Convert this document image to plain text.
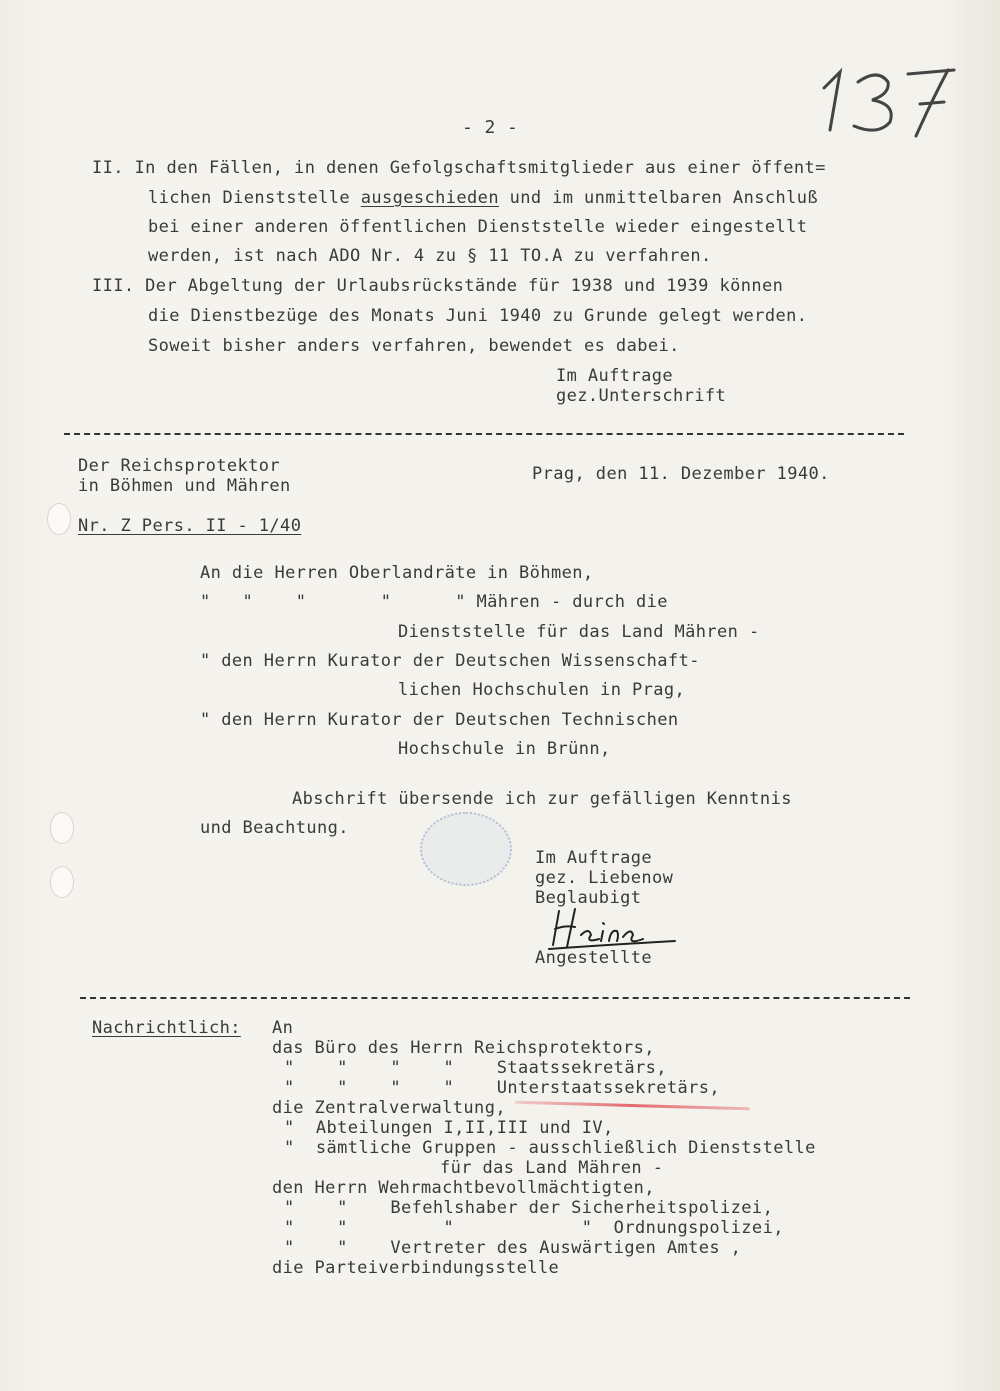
- 2 -
II. In den Fällen, in denen Gefolgschaftsmitglieder aus einer öffent=
lichen Dienststelle ausgeschieden und im unmittelbaren Anschluß
bei einer anderen öffentlichen Dienststelle wieder eingestellt
werden, ist nach ADO Nr. 4 zu § 11 TO.A zu verfahren.
III. Der Abgeltung der Urlaubsrückstände für 1938 und 1939 können
die Dienstbezüge des Monats Juni 1940 zu Grunde gelegt werden.
Soweit bisher anders verfahren, bewendet es dabei.
Im Auftrage
gez.Unterschrift
Der Reichsprotektor
in Böhmen und Mähren
Prag, den 11. Dezember 1940.
Nr. Z Pers. II - 1/40
An die Herren Oberlandräte in Böhmen,
"   "    "       "      " Mähren - durch die
Dienststelle für das Land Mähren -
" den Herrn Kurator der Deutschen Wissenschaft-
lichen Hochschulen in Prag,
" den Herrn Kurator der Deutschen Technischen
Hochschule in Brünn,
Abschrift übersende ich zur gefälligen Kenntnis
und Beachtung.
Im Auftrage
gez. Liebenow
Beglaubigt
Angestellte
Nachrichtlich: An
das Büro des Herrn Reichsprotektors,
"    "    "    "    Staatssekretärs,
"    "    "    "    Unterstaatssekretärs,
die Zentralverwaltung,
"  Abteilungen I,II,III und IV,
"  sämtliche Gruppen - ausschließlich Dienststelle
für das Land Mähren -
den Herrn Wehrmachtbevollmächtigten,
"    "    Befehlshaber der Sicherheitspolizei,
"    "         "            "  Ordnungspolizei,
"    "    Vertreter des Auswärtigen Amtes ,
die Parteiverbindungsstelle
